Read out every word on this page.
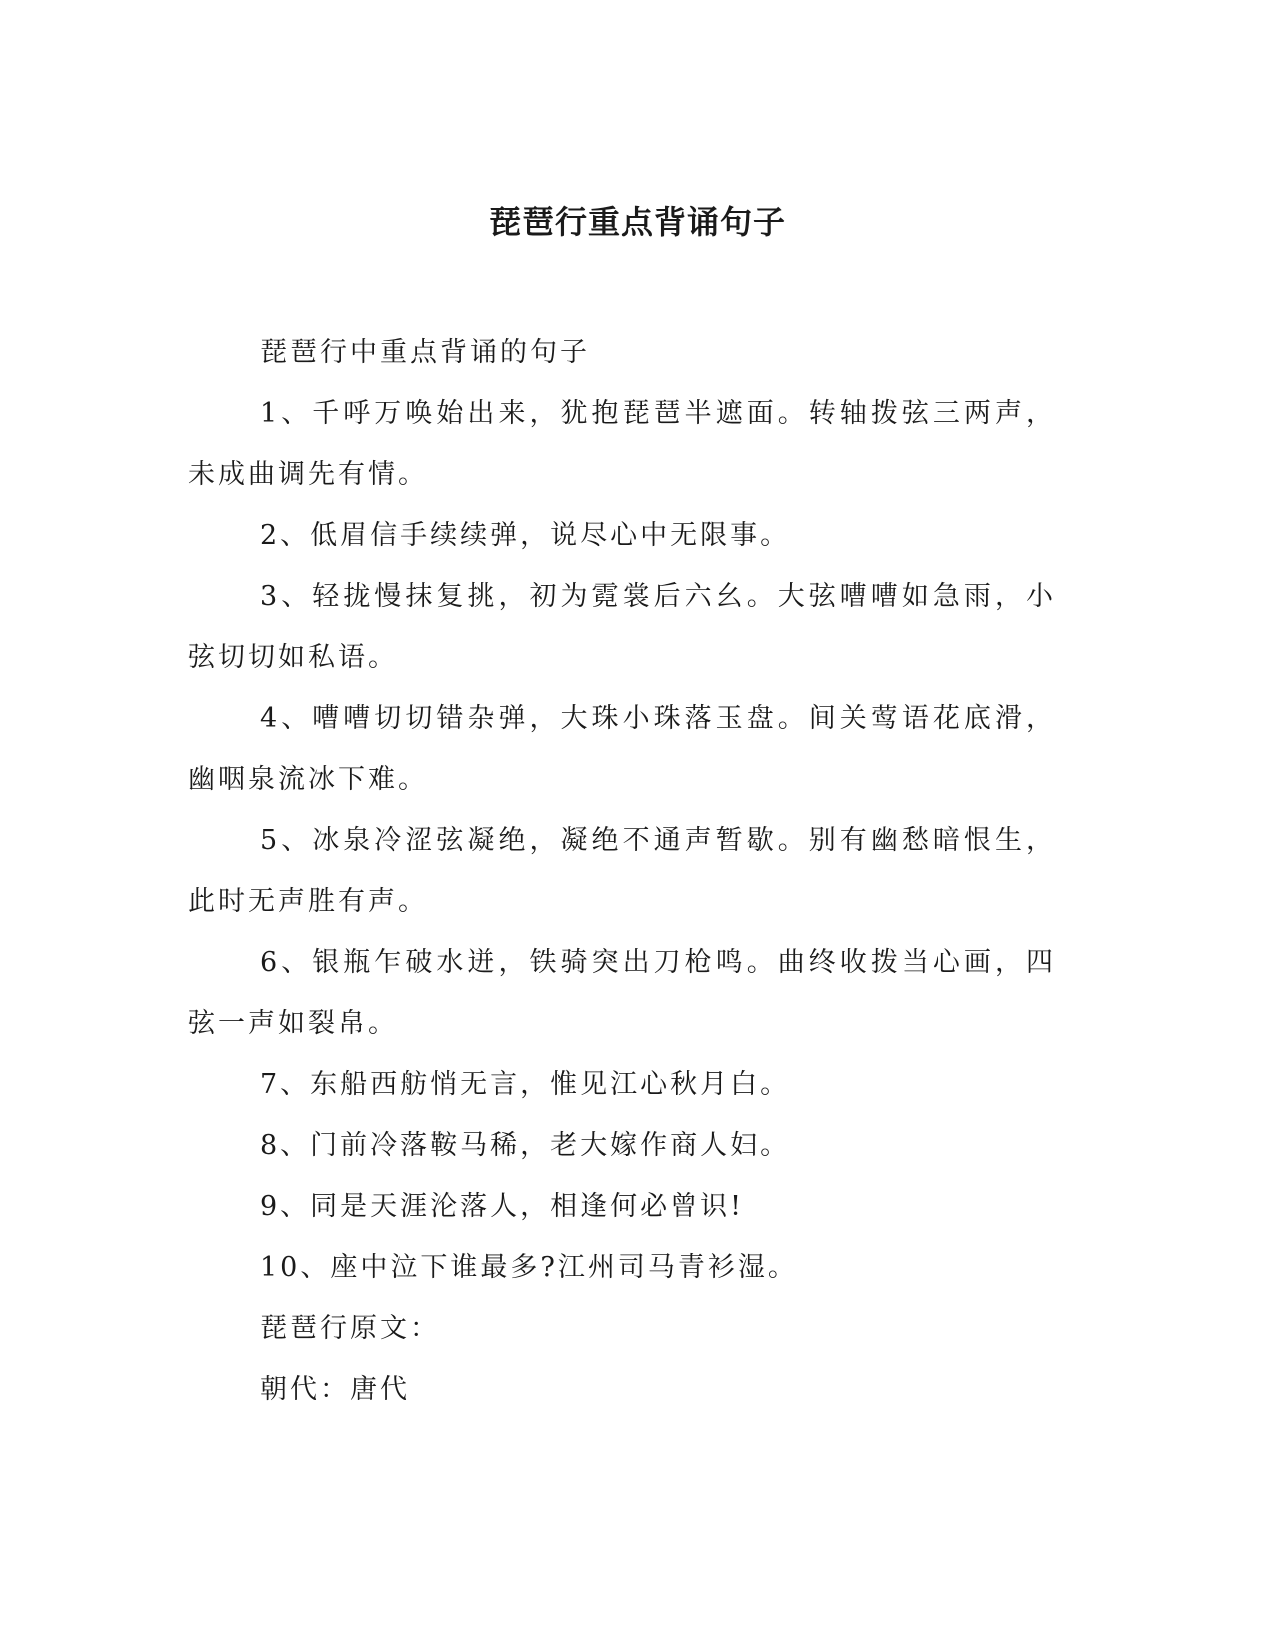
琵琶行重点背诵句子

琵琶行中重点背诵的句子

1、千呼万唤始出来，犹抱琵琶半遮面。转轴拨弦三两声，未成曲调先有情。

2、低眉信手续续弹，说尽心中无限事。

3、轻拢慢抹复挑，初为霓裳后六幺。大弦嘈嘈如急雨，小弦切切如私语。

4、嘈嘈切切错杂弹，大珠小珠落玉盘。间关莺语花底滑，幽咽泉流冰下难。

5、冰泉冷涩弦凝绝，凝绝不通声暂歇。别有幽愁暗恨生，此时无声胜有声。

6、银瓶乍破水迸，铁骑突出刀枪鸣。曲终收拨当心画，四弦一声如裂帛。

7、东船西舫悄无言，惟见江心秋月白。

8、门前冷落鞍马稀，老大嫁作商人妇。

9、同是天涯沦落人，相逢何必曾识!

10、座中泣下谁最多?江州司马青衫湿。

琵琶行原文：

朝代：唐代
